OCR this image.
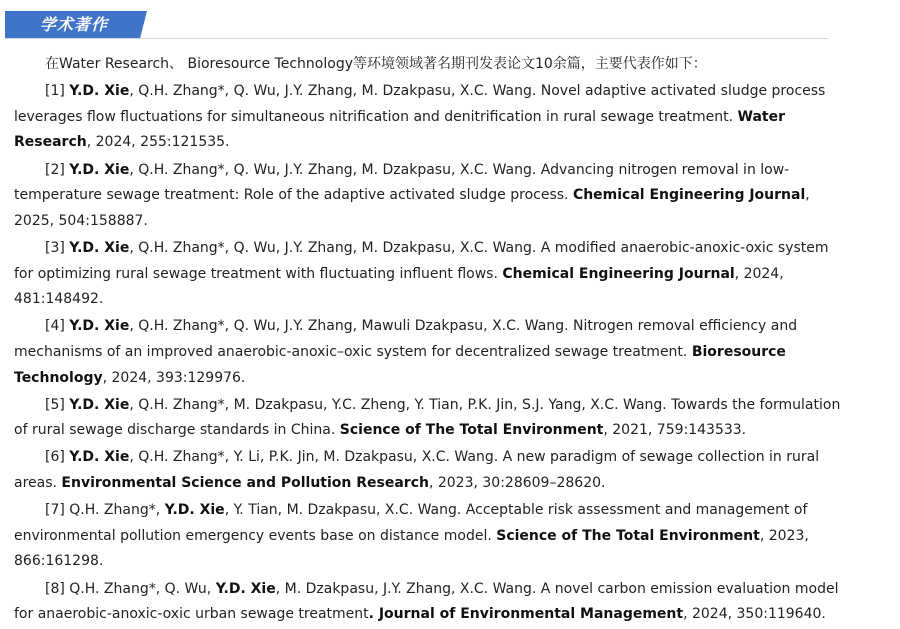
学术著作

在Water Research、 Bioresource Technology等环境领域著名期刊发表论文10余篇，主要代表作如下：

[1] Y.D. Xie, Q.H. Zhang*, Q. Wu, J.Y. Zhang, M. Dzakpasu, X.C. Wang. Novel adaptive activated sludge process leverages flow fluctuations for simultaneous nitrification and denitrification in rural sewage treatment. Water Research, 2024, 255:121535.

[2] Y.D. Xie, Q.H. Zhang*, Q. Wu, J.Y. Zhang, M. Dzakpasu, X.C. Wang. Advancing nitrogen removal in low-temperature sewage treatment: Role of the adaptive activated sludge process. Chemical Engineering Journal, 2025, 504:158887.

[3] Y.D. Xie, Q.H. Zhang*, Q. Wu, J.Y. Zhang, M. Dzakpasu, X.C. Wang. A modified anaerobic-anoxic-oxic system for optimizing rural sewage treatment with fluctuating influent flows. Chemical Engineering Journal, 2024, 481:148492.

[4] Y.D. Xie, Q.H. Zhang*, Q. Wu, J.Y. Zhang, Mawuli Dzakpasu, X.C. Wang. Nitrogen removal efficiency and mechanisms of an improved anaerobic-anoxic–oxic system for decentralized sewage treatment. Bioresource Technology, 2024, 393:129976.

[5] Y.D. Xie, Q.H. Zhang*, M. Dzakpasu, Y.C. Zheng, Y. Tian, P.K. Jin, S.J. Yang, X.C. Wang. Towards the formulation of rural sewage discharge standards in China. Science of The Total Environment, 2021, 759:143533.

[6] Y.D. Xie, Q.H. Zhang*, Y. Li, P.K. Jin, M. Dzakpasu, X.C. Wang. A new paradigm of sewage collection in rural areas. Environmental Science and Pollution Research, 2023, 30:28609–28620.

[7] Q.H. Zhang*, Y.D. Xie, Y. Tian, M. Dzakpasu, X.C. Wang. Acceptable risk assessment and management of environmental pollution emergency events base on distance model. Science of The Total Environment, 2023, 866:161298.

[8] Q.H. Zhang*, Q. Wu, Y.D. Xie, M. Dzakpasu, J.Y. Zhang, X.C. Wang. A novel carbon emission evaluation model for anaerobic-anoxic-oxic urban sewage treatment. Journal of Environmental Management, 2024, 350:119640.
